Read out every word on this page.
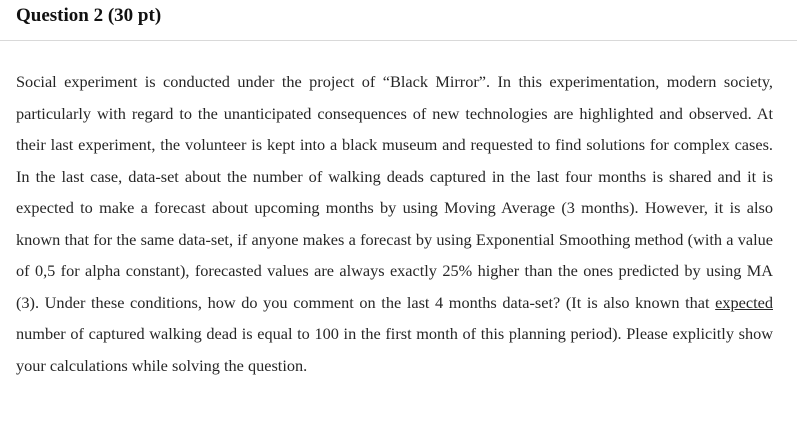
Question 2 (30 pt)

Social experiment is conducted under the project of “Black Mirror”. In this experimentation, modern society, particularly with regard to the unanticipated consequences of new technologies are highlighted and observed. At their last experiment, the volunteer is kept into a black museum and requested to find solutions for complex cases. In the last case, data-set about the number of walking deads captured in the last four months is shared and it is expected to make a forecast about upcoming months by using Moving Average (3 months). However, it is also known that for the same data-set, if anyone makes a forecast by using Exponential Smoothing method (with a value of 0,5 for alpha constant), forecasted values are always exactly 25% higher than the ones predicted by using MA (3). Under these conditions, how do you comment on the last 4 months data-set? (It is also known that expected number of captured walking dead is equal to 100 in the first month of this planning period). Please explicitly show your calculations while solving the question.
